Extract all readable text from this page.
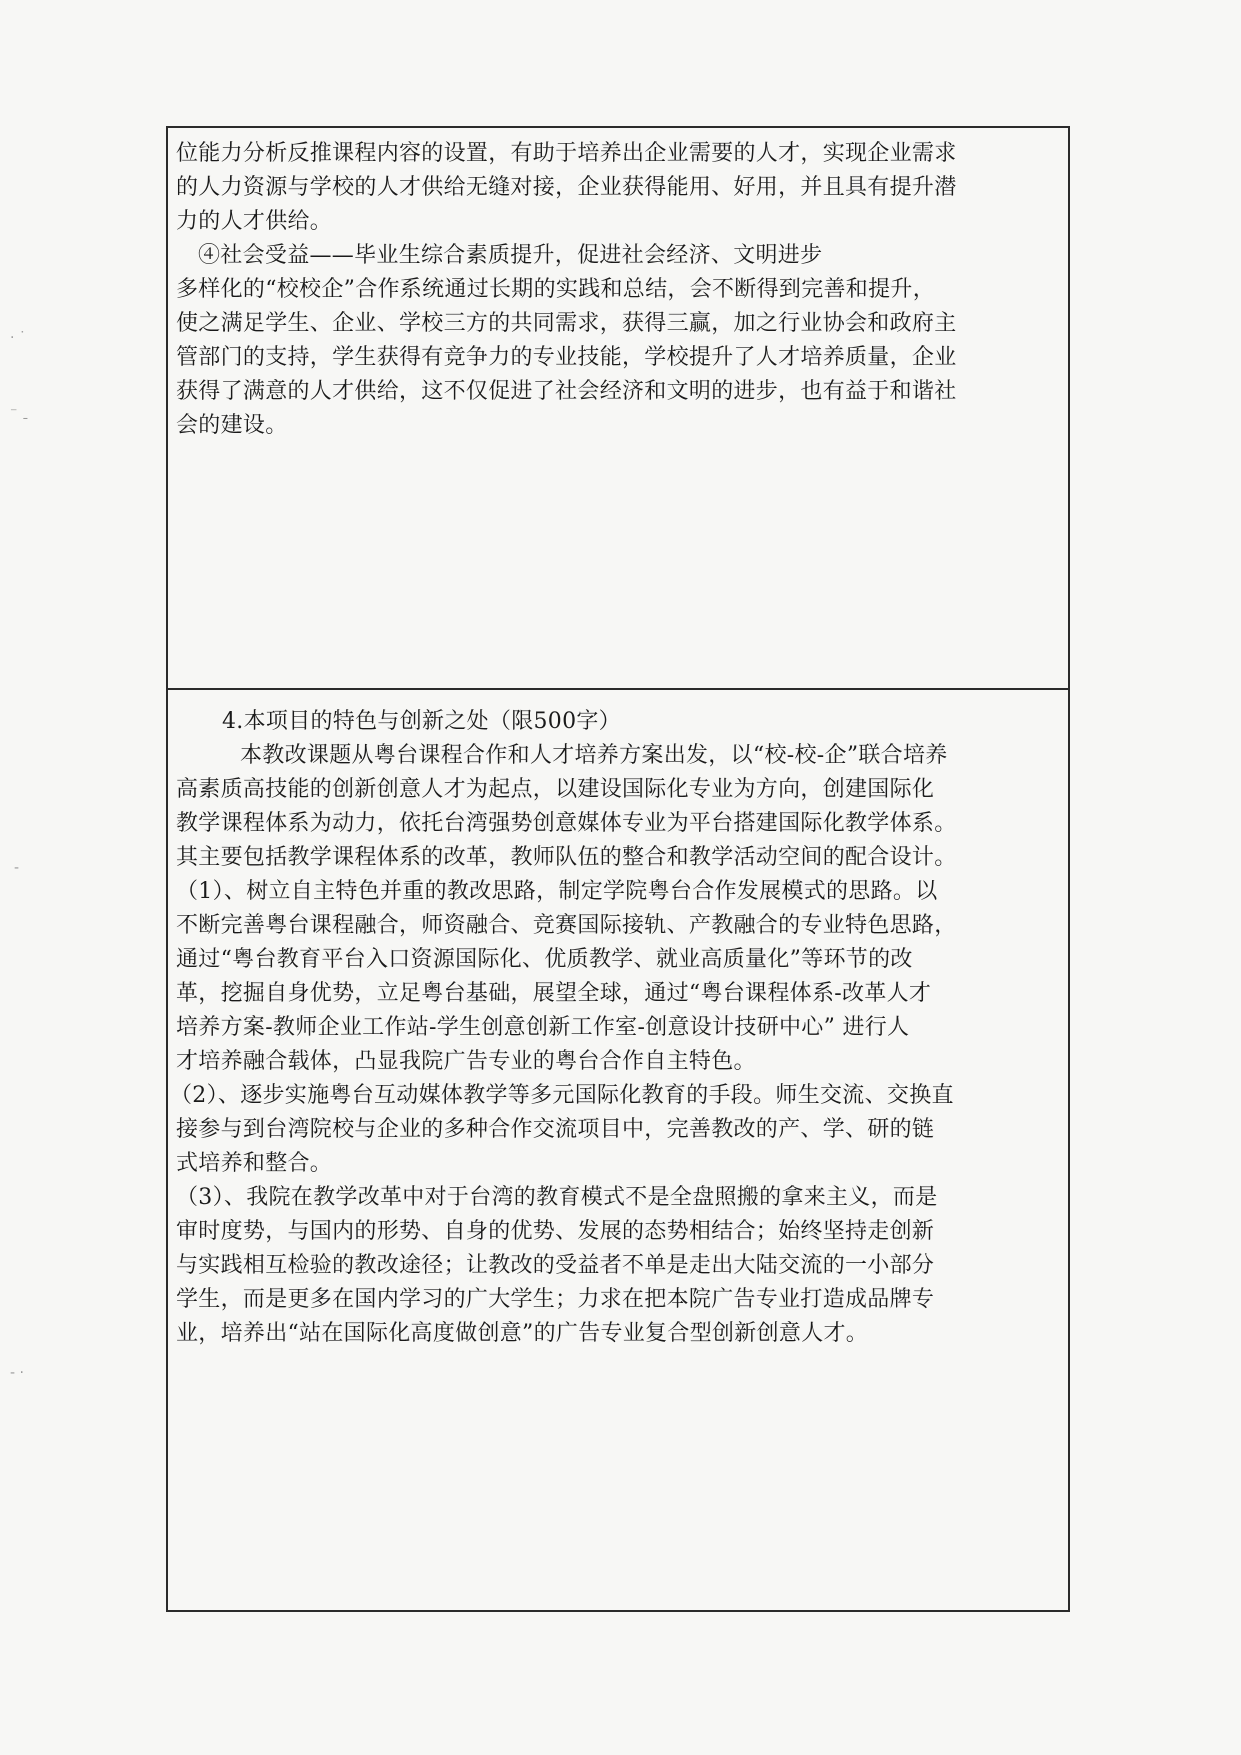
· ˙
⁻ ˍ
‐
- ·
位能力分析反推课程内容的设置，有助于培养出企业需要的人才，实现企业需求
的人力资源与学校的人才供给无缝对接，企业获得能用、好用，并且具有提升潜
力的人才供给。
④社会受益——毕业生综合素质提升，促进社会经济、文明进步
多样化的“校校企”合作系统通过长期的实践和总结，会不断得到完善和提升，
使之满足学生、企业、学校三方的共同需求，获得三赢，加之行业协会和政府主
管部门的支持，学生获得有竞争力的专业技能，学校提升了人才培养质量，企业
获得了满意的人才供给，这不仅促进了社会经济和文明的进步，也有益于和谐社
会的建设。
4.本项目的特色与创新之处（限500字）
本教改课题从粤台课程合作和人才培养方案出发，以“校-校-企”联合培养
高素质高技能的创新创意人才为起点，以建设国际化专业为方向，创建国际化
教学课程体系为动力，依托台湾强势创意媒体专业为平台搭建国际化教学体系。
其主要包括教学课程体系的改革，教师队伍的整合和教学活动空间的配合设计。
（1）、树立自主特色并重的教改思路，制定学院粤台合作发展模式的思路。以
不断完善粤台课程融合，师资融合、竞赛国际接轨、产教融合的专业特色思路，
通过“粤台教育平台入口资源国际化、优质教学、就业高质量化”等环节的改
革，挖掘自身优势，立足粤台基础，展望全球，通过“粤台课程体系-改革人才
培养方案-教师企业工作站-学生创意创新工作室-创意设计技研中心” 进行人
才培养融合载体，凸显我院广告专业的粤台合作自主特色。
（2）、逐步实施粤台互动媒体教学等多元国际化教育的手段。师生交流、交换直
接参与到台湾院校与企业的多种合作交流项目中，完善教改的产、学、研的链
式培养和整合。
（3）、我院在教学改革中对于台湾的教育模式不是全盘照搬的拿来主义，而是
审时度势，与国内的形势、自身的优势、发展的态势相结合；始终坚持走创新
与实践相互检验的教改途径；让教改的受益者不单是走出大陆交流的一小部分
学生，而是更多在国内学习的广大学生；力求在把本院广告专业打造成品牌专
业，培养出“站在国际化高度做创意”的广告专业复合型创新创意人才。
